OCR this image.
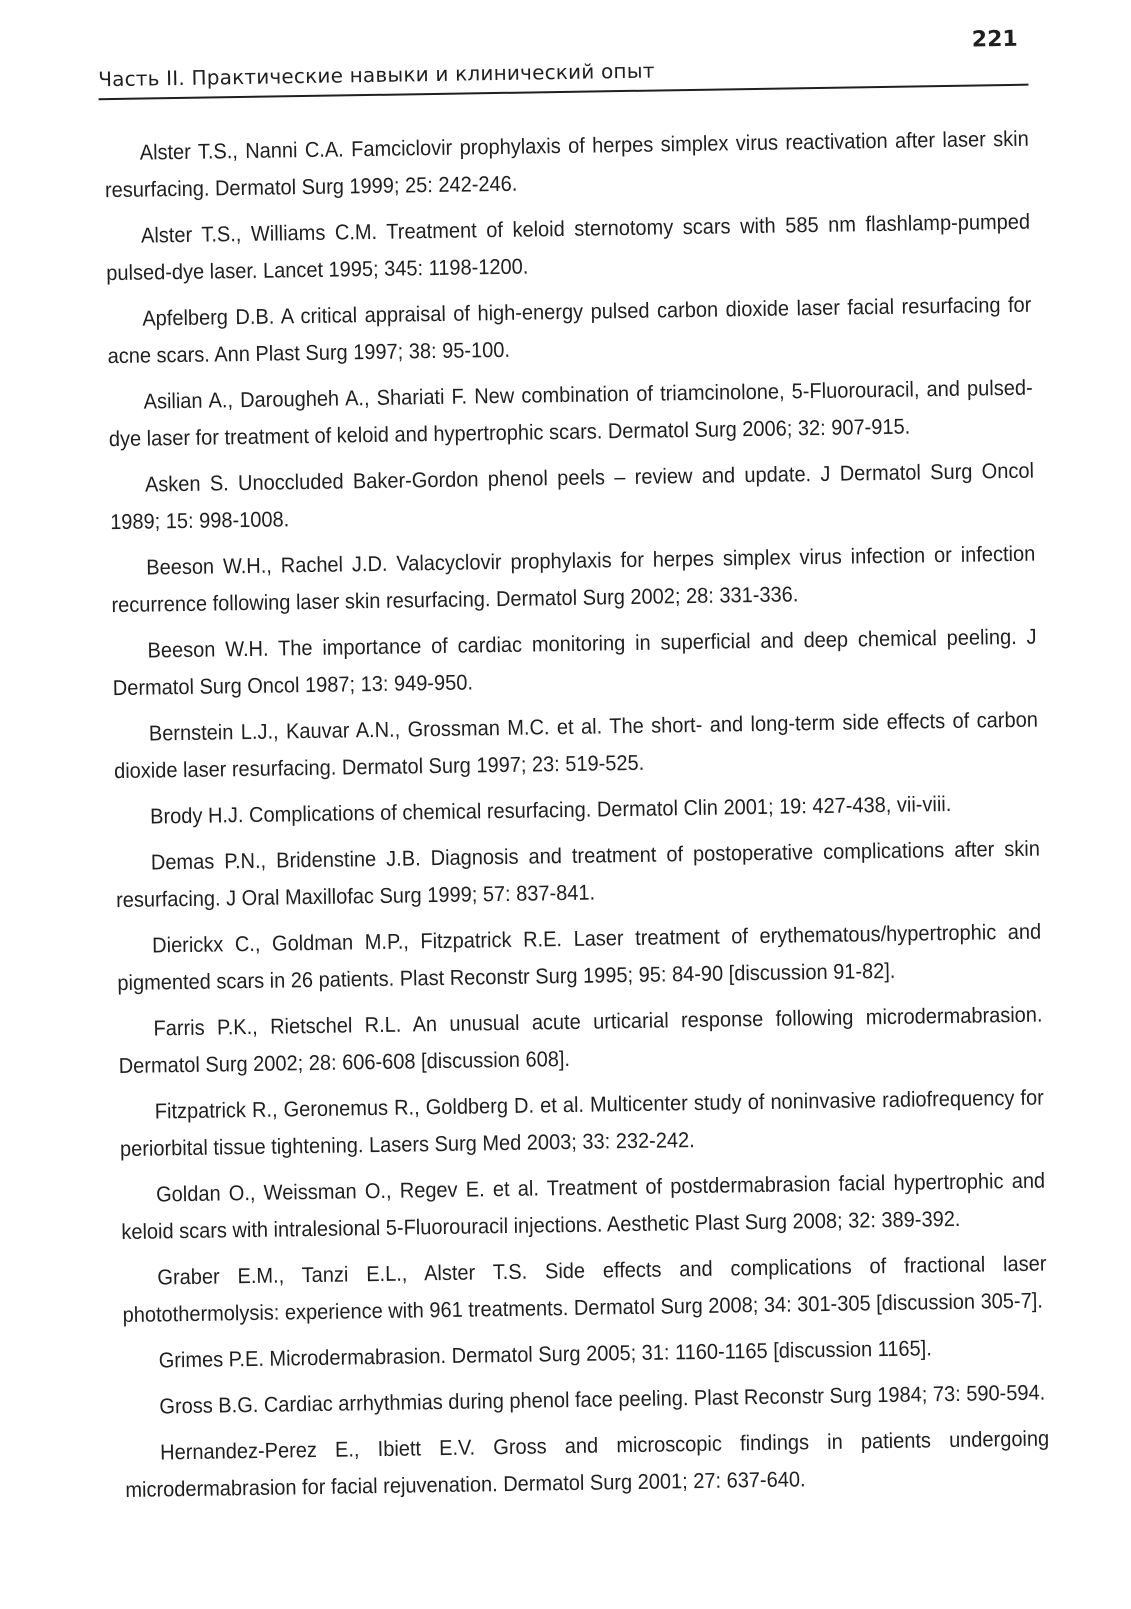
Часть II. Практические навыки и клинический опыт
221
Alster T.S., Nanni C.A. Famciclovir prophylaxis of herpes simplex virus reactivation after laser skin resurfacing. Dermatol Surg 1999; 25: 242-246.
Alster T.S., Williams C.M. Treatment of keloid sternotomy scars with 585 nm flashlamp-pumped pulsed-dye laser. Lancet 1995; 345: 1198-1200.
Apfelberg D.B. A critical appraisal of high-energy pulsed carbon dioxide laser facial resurfacing for acne scars. Ann Plast Surg 1997; 38: 95-100.
Asilian A., Darougheh A., Shariati F. New combination of triamcinolone, 5-Fluorouracil, and pulsed-dye laser for treatment of keloid and hypertrophic scars. Dermatol Surg 2006; 32: 907-915.
Asken S. Unoccluded Baker-Gordon phenol peels – review and update. J Dermatol Surg Oncol 1989; 15: 998-1008.
Beeson W.H., Rachel J.D. Valacyclovir prophylaxis for herpes simplex virus infection or infection recurrence following laser skin resurfacing. Dermatol Surg 2002; 28: 331-336.
Beeson W.H. The importance of cardiac monitoring in superficial and deep chemical peeling. J Dermatol Surg Oncol 1987; 13: 949-950.
Bernstein L.J., Kauvar A.N., Grossman M.C. et al. The short- and long-term side effects of carbon dioxide laser resurfacing. Dermatol Surg 1997; 23: 519-525.
Brody H.J. Complications of chemical resurfacing. Dermatol Clin 2001; 19: 427-438, vii-viii.
Demas P.N., Bridenstine J.B. Diagnosis and treatment of postoperative complications after skin resurfacing. J Oral Maxillofac Surg 1999; 57: 837-841.
Dierickx C., Goldman M.P., Fitzpatrick R.E. Laser treatment of erythematous/hypertrophic and pigmented scars in 26 patients. Plast Reconstr Surg 1995; 95: 84-90 [discussion 91-82].
Farris P.K., Rietschel R.L. An unusual acute urticarial response following microdermabrasion. Dermatol Surg 2002; 28: 606-608 [discussion 608].
Fitzpatrick R., Geronemus R., Goldberg D. et al. Multicenter study of noninvasive radiofrequency for periorbital tissue tightening. Lasers Surg Med 2003; 33: 232-242.
Goldan O., Weissman O., Regev E. et al. Treatment of postdermabrasion facial hypertrophic and keloid scars with intralesional 5-Fluorouracil injections. Aesthetic Plast Surg 2008; 32: 389-392.
Graber E.M., Tanzi E.L., Alster T.S. Side effects and complications of fractional laser photothermolysis: experience with 961 treatments. Dermatol Surg 2008; 34: 301-305 [discussion 305-7].
Grimes P.E. Microdermabrasion. Dermatol Surg 2005; 31: 1160-1165 [discussion 1165].
Gross B.G. Cardiac arrhythmias during phenol face peeling. Plast Reconstr Surg 1984; 73: 590-594.
Hernandez-Perez E., Ibiett E.V. Gross and microscopic findings in patients undergoing microdermabrasion for facial rejuvenation. Dermatol Surg 2001; 27: 637-640.
